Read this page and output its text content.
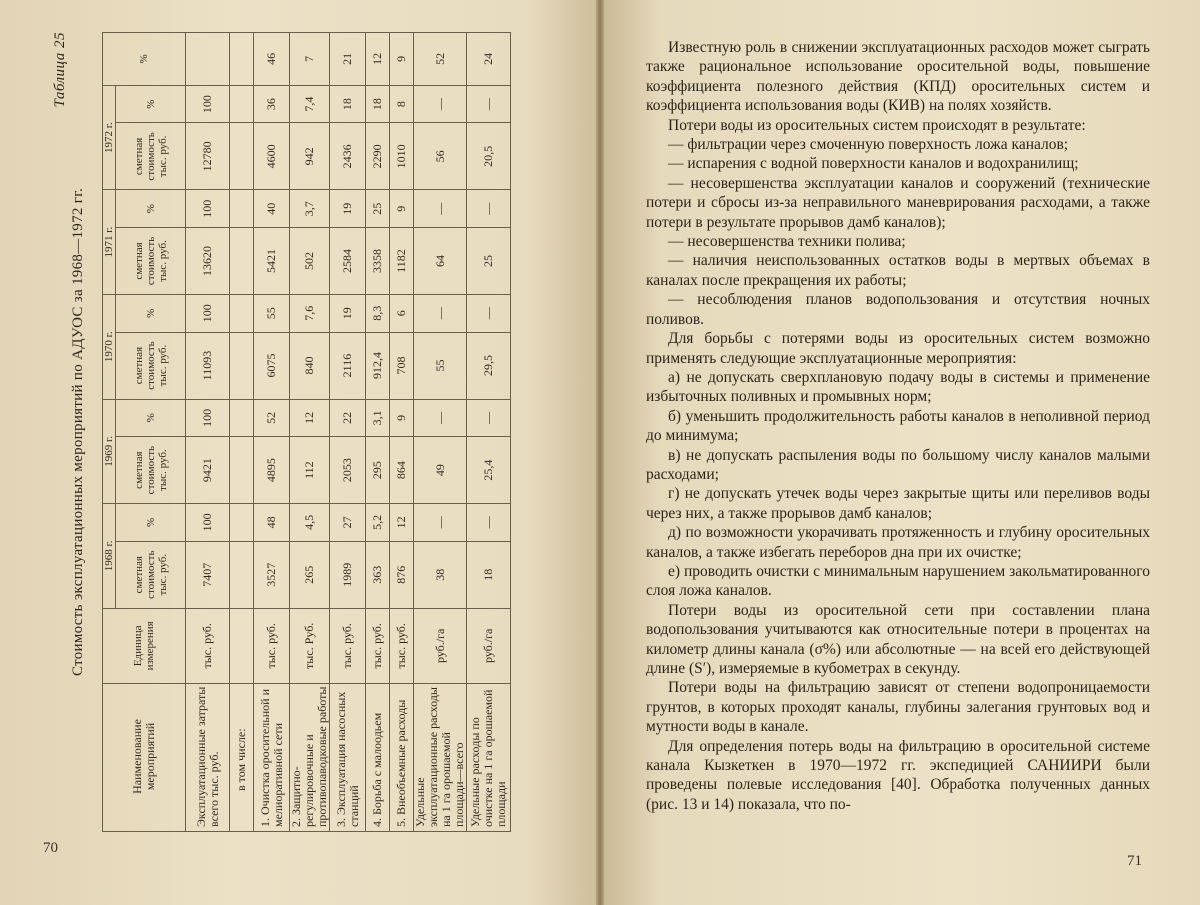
Таблица 25
Стоимость эксплуатационных мероприятий по АДУОС за 1968—1972 гг.
Наименование мероприятий	Единица измерения	1968 г.		1969 г.		1970 г.		1971 г.		1972 г.		%
		сметная стоимость тыс. руб.	%	сметная стоимость тыс. руб.	%	сметная стоимость тыс. руб.	%	сметная стоимость тыс. руб.	%	сметная стоимость тыс. руб.	%	
Эксплуатационные затраты всего тыс. руб.	тыс. руб.	7407	100	9421	100	11093	100	13620	100	12780	100	
в том числе:												
1. Очистка оросительной и мелиоративной сети	тыс. руб.	3527	48	4895	52	6075	55	5421	40	4600	36	46
2. Защитно-регулировочные и противопаводковые работы	тыс. Руб.	265	4,5	112	12	840	7,6	502	3,7	942	7,4	7
3. Эксплуатация насосных станций	тыс. руб.	1989	27	2053	22	2116	19	2584	19	2436	18	21
4. Борьба с малоодьем	тыс. руб.	363	5,2	295	3,1	912,4	8,3	3358	25	2290	18	12
5. Внеобъемные расходы	тыс. руб.	876	12	864	9	708	6	1182	9	1010	8	9
Удельные эксплуатационные расходы на 1 га орошаемой площади—всего	руб./га	38	—	49	—	55	—	64	—	56	—	52
Удельные расходы по очистке на 1 га орошаемой площади	руб./га	18	—	25,4	—	29,5	—	25	—	20,5	—	24
70

Известную роль в снижении эксплуатационных расходов может сыграть также рациональное использование оросительной воды, повышение коэффициента полезного действия (КПД) оросительных систем и коэффициента использования воды (КИВ) на полях хозяйств.

Потери воды из оросительных систем происходят в результате:

— фильтрации через смоченную поверхность ложа каналов;

— испарения с водной поверхности каналов и водохранилищ;

— несовершенства эксплуатации каналов и сооружений (технические потери и сбросы из-за неправильного маневрирования расходами, а также потери в результате прорывов дамб каналов);

— несовершенства техники полива;

— наличия неиспользованных остатков воды в мертвых объемах в каналах после прекращения их работы;

— несоблюдения планов водопользования и отсутствия ночных поливов.

Для борьбы с потерями воды из оросительных систем возможно применять следующие эксплуатационные мероприятия:

а) не допускать сверхплановую подачу воды в системы и применение избыточных поливных и промывных норм;

б) уменьшить продолжительность работы каналов в неполивной период до минимума;

в) не допускать распыления воды по большому числу каналов малыми расходами;

г) не допускать утечек воды через закрытые щиты или переливов воды через них, а также прорывов дамб каналов;

д) по возможности укорачивать протяженность и глубину оросительных каналов, а также избегать переборов дна при их очистке;

е) проводить очистки с минимальным нарушением закольматированного слоя ложа каналов.

Потери воды из оросительной сети при составлении плана водопользования учитываются как относительные потери в процентах на километр длины канала (σ%) или абсолютные — на всей его действующей длине (S′), измеряемые в кубометрах в секунду.

Потери воды на фильтрацию зависят от степени водопроницаемости грунтов, в которых проходят каналы, глубины залегания грунтовых вод и мутности воды в канале.

Для определения потерь воды на фильтрацию в оросительной системе канала Кызкеткен в 1970—1972 гг. экспедицией САНИИРИ были проведены полевые исследования [40]. Обработка полученных данных (рис. 13 и 14) показала, что по-

71
